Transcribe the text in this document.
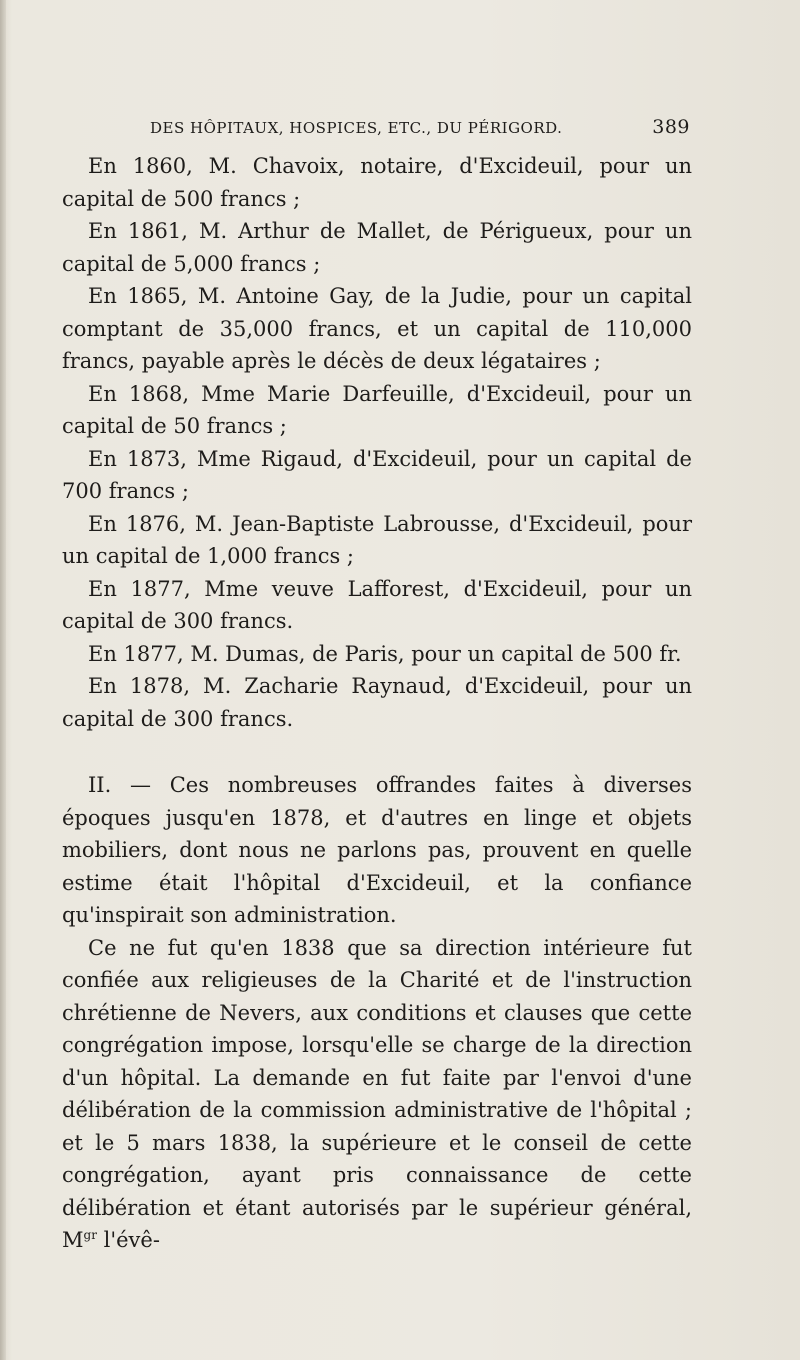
DES HÔPITAUX, HOSPICES, ETC., DU PÉRIGORD.	389

En 1860, M. Chavoix, notaire, d'Excideuil, pour un capital de 500 francs ;

En 1861, M. Arthur de Mallet, de Périgueux, pour un capital de 5,000 francs ;

En 1865, M. Antoine Gay, de la Judie, pour un capital comptant de 35,000 francs, et un capital de 110,000 francs, payable après le décès de deux légataires ;

En 1868, Mme Marie Darfeuille, d'Excideuil, pour un capital de 50 francs ;

En 1873, Mme Rigaud, d'Excideuil, pour un capital de 700 francs ;

En 1876, M. Jean-Baptiste Labrousse, d'Excideuil, pour un capital de 1,000 francs ;

En 1877, Mme veuve Lafforest, d'Excideuil, pour un capital de 300 francs.

En 1877, M. Dumas, de Paris, pour un capital de 500 fr.

En 1878, M. Zacharie Raynaud, d'Excideuil, pour un capital de 300 francs.

II. — Ces nombreuses offrandes faites à diverses époques jusqu'en 1878, et d'autres en linge et objets mobiliers, dont nous ne parlons pas, prouvent en quelle estime était l'hôpital d'Excideuil, et la confiance qu'inspirait son administration.

Ce ne fut qu'en 1838 que sa direction intérieure fut confiée aux religieuses de la Charité et de l'instruction chrétienne de Nevers, aux conditions et clauses que cette congrégation impose, lorsqu'elle se charge de la direction d'un hôpital. La demande en fut faite par l'envoi d'une délibération de la commission administrative de l'hôpital ; et le 5 mars 1838, la supérieure et le conseil de cette congrégation, ayant pris connaissance de cette délibération et étant autorisés par le supérieur général, $M^{gr}$ l'évê-
